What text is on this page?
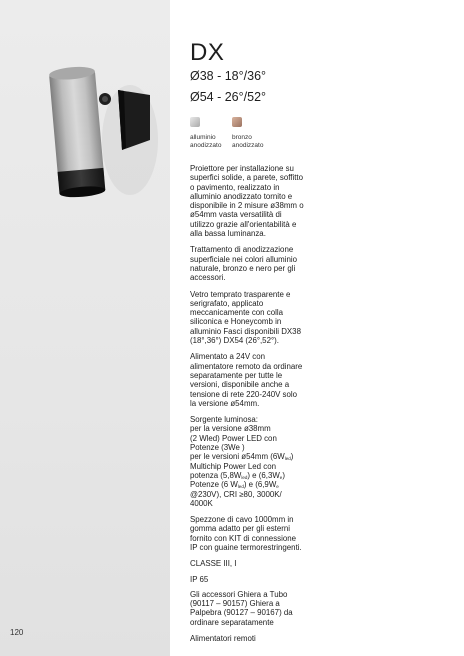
120
DX

Ø38 - 18°/36°

Ø54 - 26°/52°

alluminio
anodizzato
bronzo
anodizzato

Proiettore per installazione su superfici solide, a parete, soffitto o pavimento, realizzato in alluminio anodizzato tornito e disponibile in 2 misure ø38mm o ø54mm vasta versatilità di utilizzo grazie all'orientabilità e alla bassa luminanza.

Trattamento di anodizzazione superficiale nei colori alluminio naturale, bronzo e nero per gli accessori.

Vetro temprato trasparente e serigrafato, applicato meccanicamente con colla siliconica e Honeycomb in alluminio Fasci disponibili DX38 (18°,36°) DX54 (26°,52°).

Alimentato a 24V con alimentatore remoto da ordinare separatamente per tutte le versioni, disponibile anche a tensione di rete 220-240V solo la versione ø54mm.

Sorgente luminosa:
per la versione ø38mm
(2 Wled) Power LED con
Potenze (3We )
per le versioni ø54mm $(6W_{led})$
Multichip Power Led con
potenza $(5,8W_{led})$ e $(6,3W_e)$
Potenze (6 $W_{led}$) e ($6,9W_e$
@230V), CRI ≥80, 3000K/
4000K

Spezzone di cavo 1000mm in gomma adatto per gli esterni fornito con KIT di connessione IP con guaine termorestringenti.

CLASSE III, I

IP 65

Gli accessori Ghiera a Tubo (90117 – 90157) Ghiera a Palpebra (90127 – 90167) da ordinare separatamente

Alimentatori remoti
